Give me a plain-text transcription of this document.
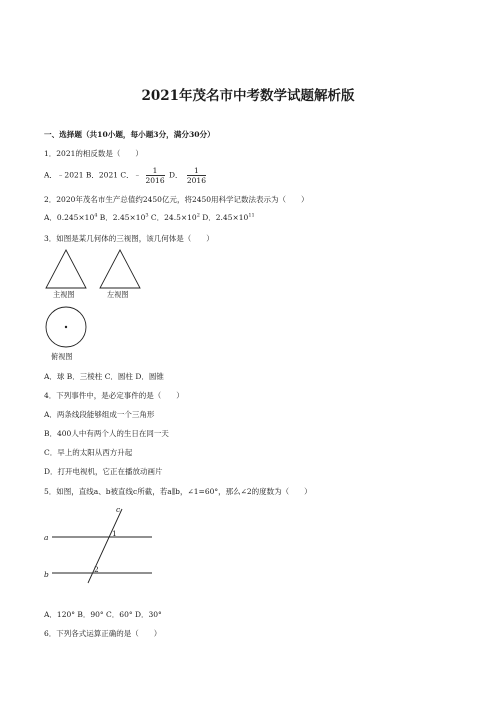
2021年茂名市中考数学试题解析版
一、选择题（共10小题，每小题3分，满分30分）
1．2021的相反数是（　　）
A．﹣2021 B．2021 C．﹣ $\frac{1}{2016}$ D． $\frac{1}{2016}$
2．2020年茂名市生产总值约2450亿元，将2450用科学记数法表示为（　　）
A．$0.245\times 10^4$ B．$2.45\times 10^3$ C．$24.5\times 10^2$ D．$2.45\times 10^{11}$
3．如图是某几何体的三视图，该几何体是（　　）
主视图	左视图
俯视图
A．球 B．三棱柱 C．圆柱 D．圆锥
4．下列事件中，是必定事件的是（　　）
A．两条线段能够组成一个三角形
B．400人中有两个人的生日在同一天
C．早上的太阳从西方升起
D．打开电视机，它正在播放动画片
5．如图，直线a、b被直线c所截，若a∥b，∠1=60°，那么∠2的度数为（　　）
c
a
b
1
2
A．120° B．90° C．60° D．30°
6．下列各式运算正确的是（　　）
